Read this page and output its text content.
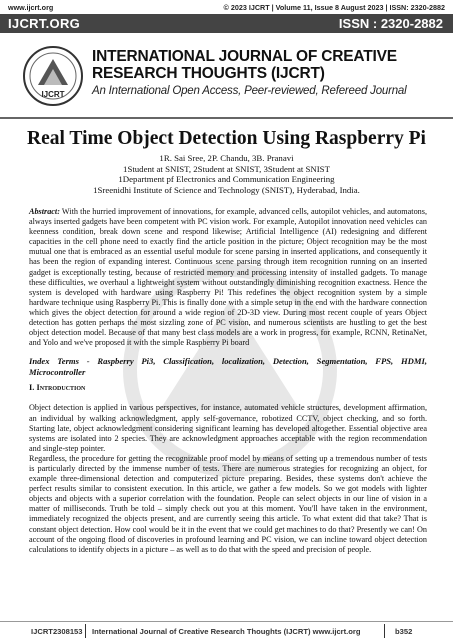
www.ijcrt.org	© 2023 IJCRT | Volume 11, Issue 8 August 2023 | ISSN: 2320-2882
IJCRT.ORG	ISSN : 2320-2882
IJCRT
INTERNATIONAL JOURNAL OF CREATIVE
RESEARCH THOUGHTS (IJCRT)
An International Open Access, Peer-reviewed, Refereed Journal
Real Time Object Detection Using Raspberry Pi
1R. Sai Sree, 2P. Chandu, 3B. Pranavi
1Student at SNIST, 2Student at SNIST, 3Student at SNIST
1Department pf Electronics and Communication Engineering
1Sreenidhi Institute of Science and Technology (SNIST), Hyderabad, India.
Abstract: With the hurried improvement of innovations, for example, advanced cells, autopilot vehicles, and automatons, always inserted gadgets have been competent with PC vision work. For example, Autopilot innovation need vehicles can keenness condition, break down scene and respond likewise; Artificial Intelligence (AI) redesigning and different capacities in the cell phone need to exactly find the article position in the picture; Object recognition may be the most mutual one that is embraced as an essential useful module for scene parsing in inserted applications, and consequently it has been the region of expanding interest. Continuous scene parsing through item recognition running on an inserted gadget is exceptionally testing, because of restricted memory and processing intensity of installed gadgets. To manage these difficulties, we overhaul a lightweight system without outstandingly diminishing recognition exactness. Hence the system is developed with hardware using Raspberry Pi! This redefines the object recognition system by a simple hardware technique using Raspberry Pi. This is finally done with a simple setup in the end with the hardware connection which gives the object detection for around a wide region of 2D-3D view. During most recent couple of years Object detection has gotten perhaps the most sizzling zone of PC vision, and numerous scientists are hustling to get the best object detection model. Because of that many best class models are a work in progress, for example, RCNN, RetinaNet, and Yolo and we've proposed it with the simple Raspberry Pi board
Index Terms - Raspberry Pi3, Classification, localization, Detection, Segmentation, FPS, HDMI, Microcontroller
I. Introduction
Object detection is applied in various perspectives, for instance, automated vehicle structures, development affirmation, an individual by walking acknowledgment, apply self-governance, robotized CCTV, object checking, and so forth. Starting late, object acknowledgment considering significant learning has developed altogether. Essential objective area systems are isolated into 2 species. They are acknowledgment approaches acceptable with the region recommendation and single-step pointer.
Regardless, the procedure for getting the recognizable proof model by means of setting up a tremendous number of tests is particularly directed by the immense number of tests. There are numerous strategies for recognizing an object, for example three-dimensional detection and computerized picture preparing. Besides, these systems don't achieve the perfect results similar to consistent execution. In this article, we gather a few models. So we got models with lighter objects and objects with a superior correlation with the foundation. People can select objects in our line of vision in a matter of milliseconds. Truth be told – simply check out you at this moment. You'll have taken in the environment, immediately recognized the objects present, and are currently seeing this article. To what extent did that take? That is constant object detection. How cool would be it in the event that we could get machines to do that? Presently we can! On account of the ongoing flood of discoveries in profound learning and PC vision, we can incline toward object detection calculations to identify objects in a picture – as well as to do that with the speed and precision of people.
IJCRT2308153 International Journal of Creative Research Thoughts (IJCRT) www.ijcrt.org	b352
